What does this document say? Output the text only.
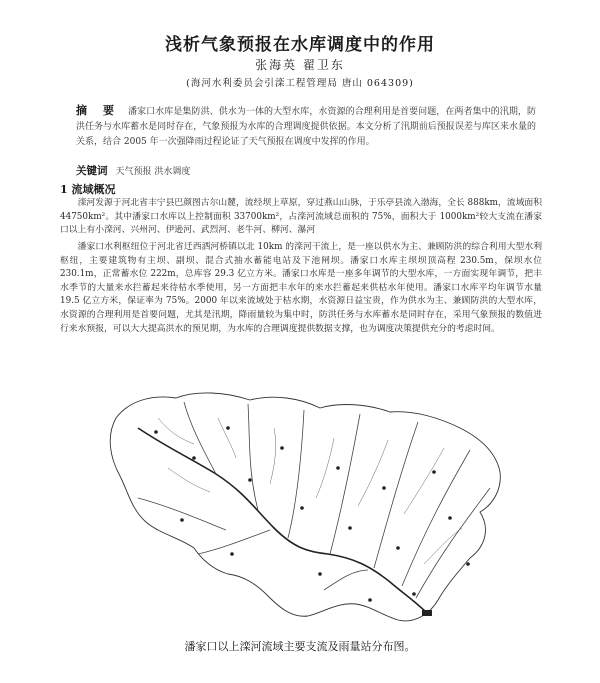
浅析气象预报在水库调度中的作用
张海英 翟卫东
(海河水利委员会引滦工程管理局 唐山 064309)
摘 要 潘家口水库是集防洪、供水为一体的大型水库，水资源的合理利用是首要问题，在两者集中的汛期，防洪任务与水库蓄水是同时存在，气象预报为水库的合理调度提供依据。本文分析了汛期前后预报误差与库区来水量的关系，结合 2005 年一次强降雨过程论证了天气预报在调度中发挥的作用。
关键词 天气预报 洪水调度
1 流域概况
滦河发源于河北省丰宁县巴颜图古尔山麓，流经坝上草原，穿过燕山山脉，于乐亭县流入渤海，全长 888km，流域面积 44750km²。其中潘家口水库以上控制面积 33700km²，占滦河流域总面积的 75%，面积大于 1000km²较大支流在潘家口以上有小滦河、兴州河、伊逊河、武烈河、老牛河、柳河、瀑河
潘家口水利枢纽位于河北省迁西洒河桥镇以北 10km 的滦河干流上，是一座以供水为主、兼顾防洪的综合利用大型水利枢纽，主要建筑物有主坝、副坝、混合式抽水蓄能电站及下池闸坝。潘家口水库主坝坝顶高程 230.5m，保坝水位 230.1m，正常蓄水位 222m，总库容 29.3 亿立方米。潘家口水库是一座多年调节的大型水库，一方面实现年调节，把丰水季节的大量来水拦蓄起来待枯水季使用，另一方面把丰水年的来水拦蓄起来供枯水年使用。潘家口水库平均年调节水量 19.5 亿立方米，保证率为 75%。2000 年以来流域处于枯水期，水资源日益宝贵，作为供水为主、兼顾防洪的大型水库，水资源的合理利用是首要问题，尤其是汛期，降雨量较为集中时，防洪任务与水库蓄水是同时存在，采用气象预报的数值进行来水预报，可以大大提高洪水的预见期，为水库的合理调度提供数据支撑，也为调度决策提供充分的考虑时间。
潘家口以上滦河流域主要支流及雨量站分布图。
